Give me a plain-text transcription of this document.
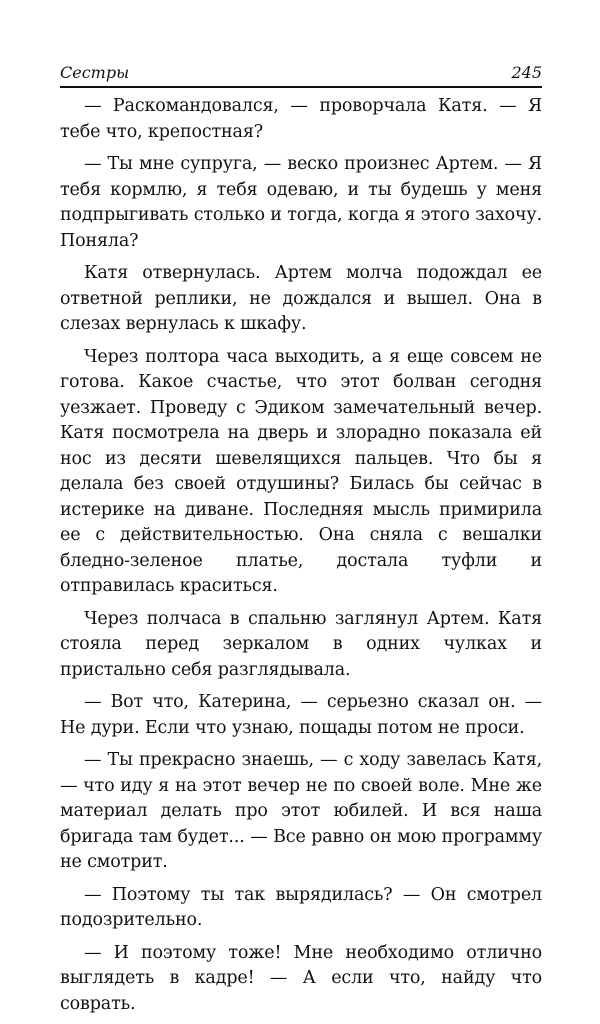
Сестры	245

— Раскомандовался, — проворчала Катя. — Я тебе что, крепостная?

— Ты мне супруга, — веско произнес Артем. — Я тебя кормлю, я тебя одеваю, и ты будешь у меня подпрыгивать столько и тогда, когда я этого захочу. Поняла?

Катя отвернулась. Артем молча подождал ее ответной реплики, не дождался и вышел. Она в слезах вернулась к шкафу.

Через полтора часа выходить, а я еще совсем не готова. Какое счастье, что этот болван сегодня уезжает. Проведу с Эдиком замечательный вечер. Катя посмотрела на дверь и злорадно показала ей нос из десяти шевелящихся пальцев. Что бы я делала без своей отдушины? Билась бы сейчас в истерике на диване. Последняя мысль примирила ее с действительностью. Она сняла с вешалки бледно-зеленое платье, достала туфли и отправилась краситься.

Через полчаса в спальню заглянул Артем. Катя стояла перед зеркалом в одних чулках и пристально себя разглядывала.

— Вот что, Катерина, — серьезно сказал он. — Не дури. Если что узнаю, пощады потом не проси.

— Ты прекрасно знаешь, — с ходу завелась Катя, — что иду я на этот вечер не по своей воле. Мне же материал делать про этот юбилей. И вся наша бригада там будет... — Все равно он мою программу не смотрит.

— Поэтому ты так вырядилась? — Он смотрел подозрительно.

— И поэтому тоже! Мне необходимо отлично выглядеть в кадре! — А если что, найду что соврать.
